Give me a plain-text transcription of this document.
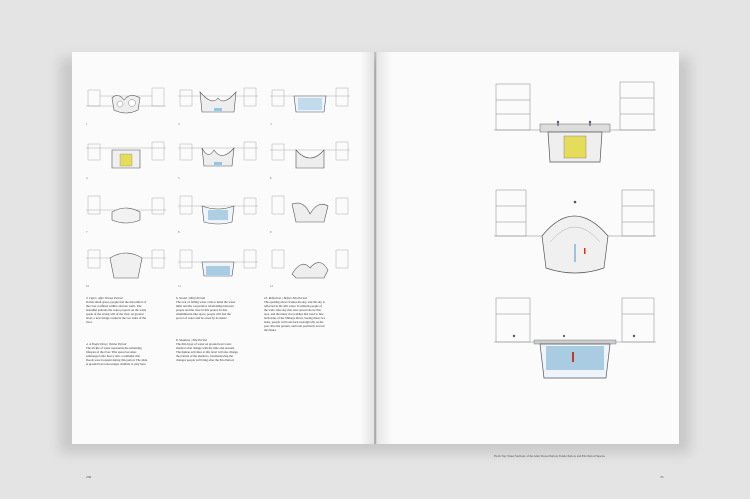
1
4
7
10
2
5
8
11
3
6
9
12
3. Light | After Showa Period
In this small space, people feel the discomfort of the river confined within concrete walls. The beautiful patterns the water projects on the walls speak of the strong will of the river. At ground level, a new bridge connects the two sides of the river.
4. A Single Drop | Taisho Period
The trickle of water represents the remaining lifespan of the river. This space becomes submerged after heavy rain, a reminder that floods were frequent during this period. The slide at ground level encourages children to play here.
6. Sound | Meiji Period
The roar of falling water calls to mind the water mills and the cooperative relationship between people and the river in this period. In this amphitheatre-like space, people will feel the power of water and be awed by its music.
8. Shadows | Edo Period
The thin layer of water on ground level casts shadows that change with the time and seasons. The human activities at this level will also change the pattern of the shadows, foreshadowing the changes people will bring after the Edo Period.
10. Reflection | Before Edo Period
The opening above frames the sky, and the sky is reflected in the still water. It reminds people of the wide, blue sky that once spread above this area, and the many rice paddies that used to line both sides of the Shibuya River. Seeing these two skies, people will look back nostalgically on the past. Into the present, and look positively toward the future.
236
From Top: Street Sections of the After Showa Period, Taisho Period, and Edo Period Spaces.
35
